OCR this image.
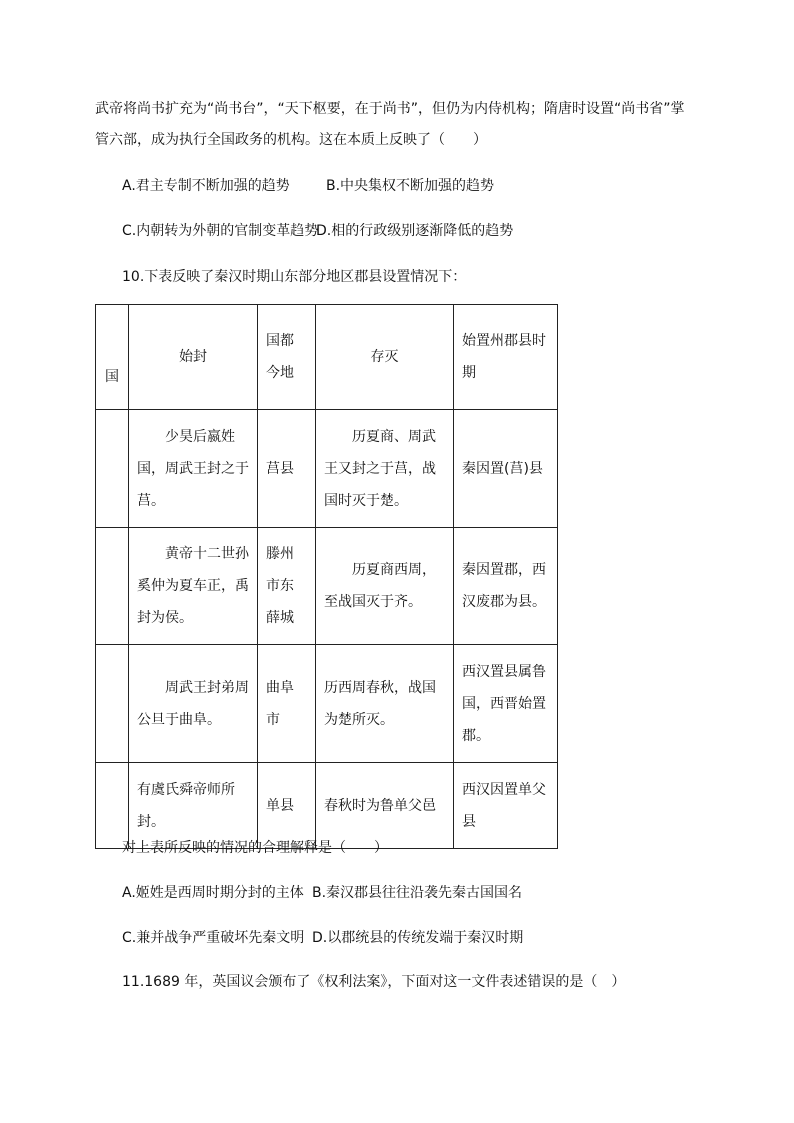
武帝将尚书扩充为“尚书台”，“天下枢要，在于尚书”，但仍为内侍机构；隋唐时设置“尚书省”掌
管六部，成为执行全国政务的机构。这在本质上反映了（　　）
A.君主专制不断加强的趋势	B.中央集权不断加强的趋势
C.内朝转为外朝的官制变革趋势
D.相的行政级别逐渐降低的趋势
10.下表反映了秦汉时期山东部分地区郡县设置情况下：
国	始封	国都今地	存灭	始置州郡县时期
	少昊后嬴姓国，周武王封之于莒。	莒县	历夏商、周武王又封之于莒，战国时灭于楚。	秦因置(莒)县
	黄帝十二世孙奚仲为夏车正，禹封为侯。	滕州市东薛城	历夏商西周，至战国灭于齐。	秦因置郡，西汉废郡为县。
	周武王封弟周公旦于曲阜。	曲阜市	历西周春秋，战国为楚所灭。	西汉置县属鲁国，西晋始置郡。
	有虞氏舜帝师所封。	单县	春秋时为鲁单父邑	西汉因置单父县
对上表所反映的情况的合理解释是（　　）
A.姬姓是西周时期分封的主体 B.秦汉郡县往往沿袭先秦古国国名
C.兼并战争严重破坏先秦文明 D.以郡统县的传统发端于秦汉时期
11.1689 年，英国议会颁布了《权利法案》，下面对这一文件表述错误的是（　）
